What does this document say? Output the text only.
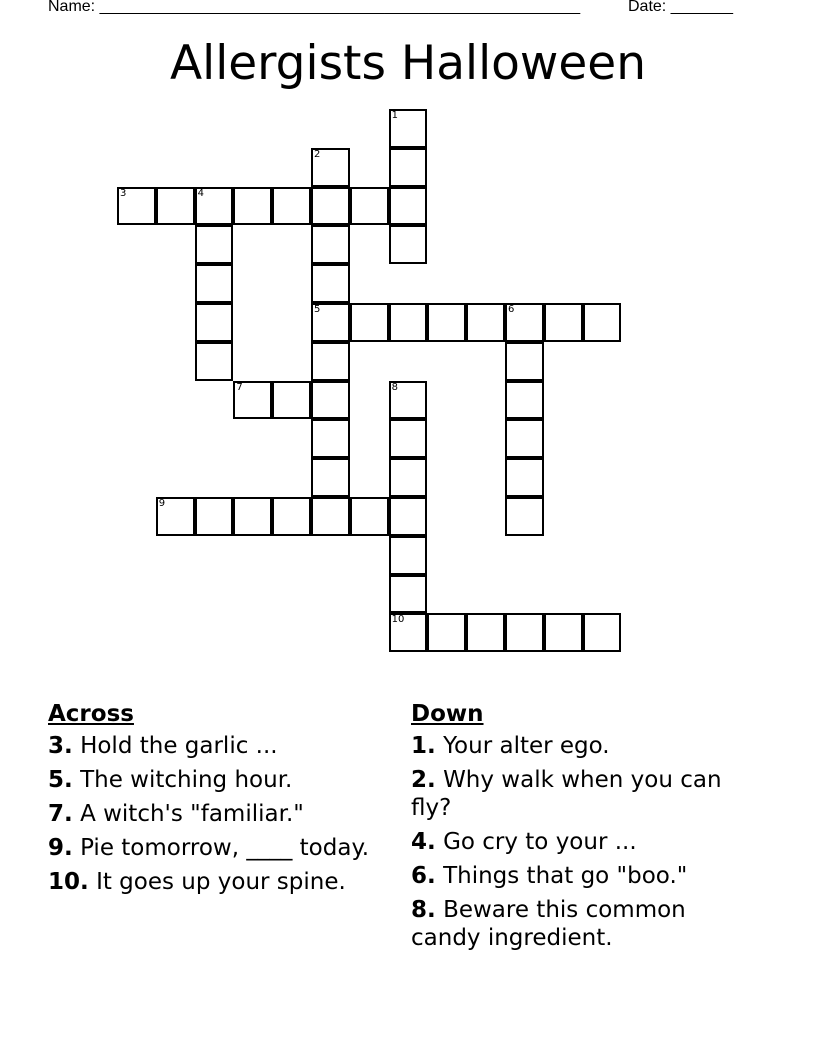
Name: ______________________________________________________	Date: _______
Allergists Halloween
1
2
5
3	4
6
7	8
10
9
Across
3. Hold the garlic ...
5. The witching hour.
7. A witch's "familiar."
9. Pie tomorrow, ____ today.
10. It goes up your spine.
Down
1. Your alter ego.
2. Why walk when you can fly?
4. Go cry to your ...
6. Things that go "boo."
8. Beware this common candy ingredient.
